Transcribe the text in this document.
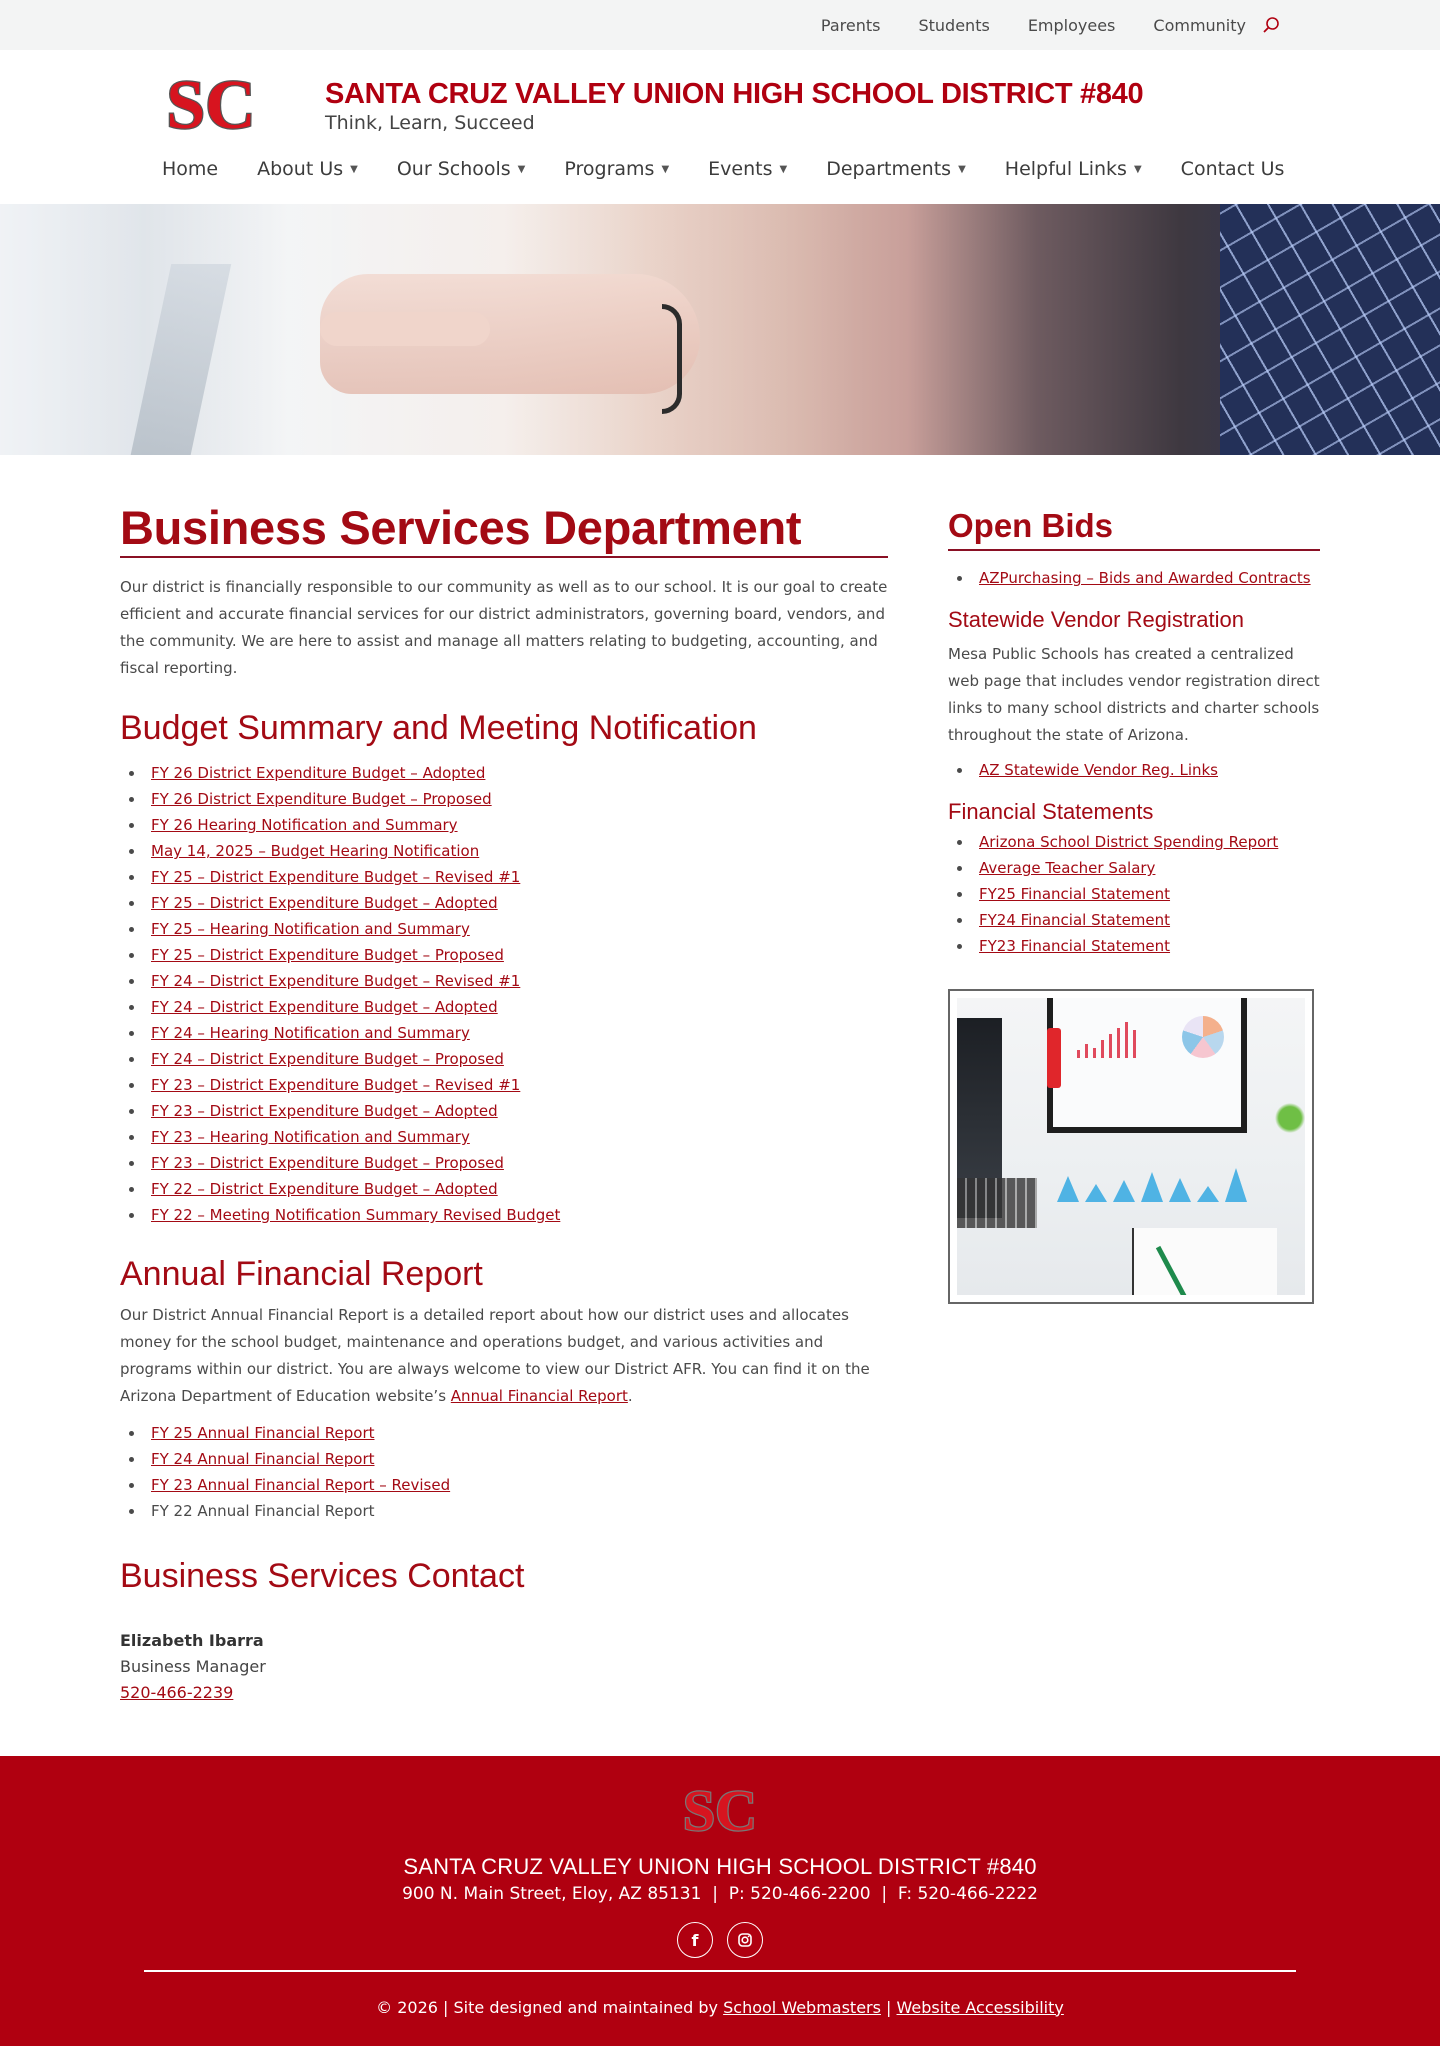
Parents Students Employees Community
SC SANTA CRUZ VALLEY UNION HIGH SCHOOL DISTRICT #840
Think, Learn, Succeed
Home About Us ▼ Our Schools ▼ Programs ▼ Events ▼ Departments ▼ Helpful Links ▼ Contact Us
Business Services Department

Our district is financially responsible to our community as well as to our school. It is our goal to create efficient and accurate financial services for our district administrators, governing board, vendors, and the community. We are here to assist and manage all matters relating to budgeting, accounting, and fiscal reporting.

Budget Summary and Meeting Notification
FY 26 District Expenditure Budget – Adopted
FY 26 District Expenditure Budget – Proposed
FY 26 Hearing Notification and Summary
May 14, 2025 – Budget Hearing Notification
FY 25 – District Expenditure Budget – Revised #1
FY 25 – District Expenditure Budget – Adopted
FY 25 – Hearing Notification and Summary
FY 25 – District Expenditure Budget – Proposed
FY 24 – District Expenditure Budget – Revised #1
FY 24 – District Expenditure Budget – Adopted
FY 24 – Hearing Notification and Summary
FY 24 – District Expenditure Budget – Proposed
FY 23 – District Expenditure Budget – Revised #1
FY 23 – District Expenditure Budget – Adopted
FY 23 – Hearing Notification and Summary
FY 23 – District Expenditure Budget – Proposed
FY 22 – District Expenditure Budget – Adopted
FY 22 – Meeting Notification Summary Revised Budget
Annual Financial Report

Our District Annual Financial Report is a detailed report about how our district uses and allocates money for the school budget, maintenance and operations budget, and various activities and programs within our district. You are always welcome to view our District AFR. You can find it on the Arizona Department of Education website’s Annual Financial Report.

FY 25 Annual Financial Report
FY 24 Annual Financial Report
FY 23 Annual Financial Report – Revised
FY 22 Annual Financial Report
Business Services Contact
Elizabeth Ibarra
Business Manager
520-466-2239
Open Bids
AZPurchasing – Bids and Awarded Contracts
Statewide Vendor Registration

Mesa Public Schools has created a centralized web page that includes vendor registration direct links to many school districts and charter schools throughout the state of Arizona.

AZ Statewide Vendor Reg. Links
Financial Statements
Arizona School District Spending Report
Average Teacher Salary
FY25 Financial Statement
FY24 Financial Statement
FY23 Financial Statement
SC
SANTA CRUZ VALLEY UNION HIGH SCHOOL DISTRICT #840
900 N. Main Street, Eloy, AZ 85131  |  P: 520-466-2200  |  F: 520-466-2222
f
© 2026 | Site designed and maintained by School Webmasters | Website Accessibility
